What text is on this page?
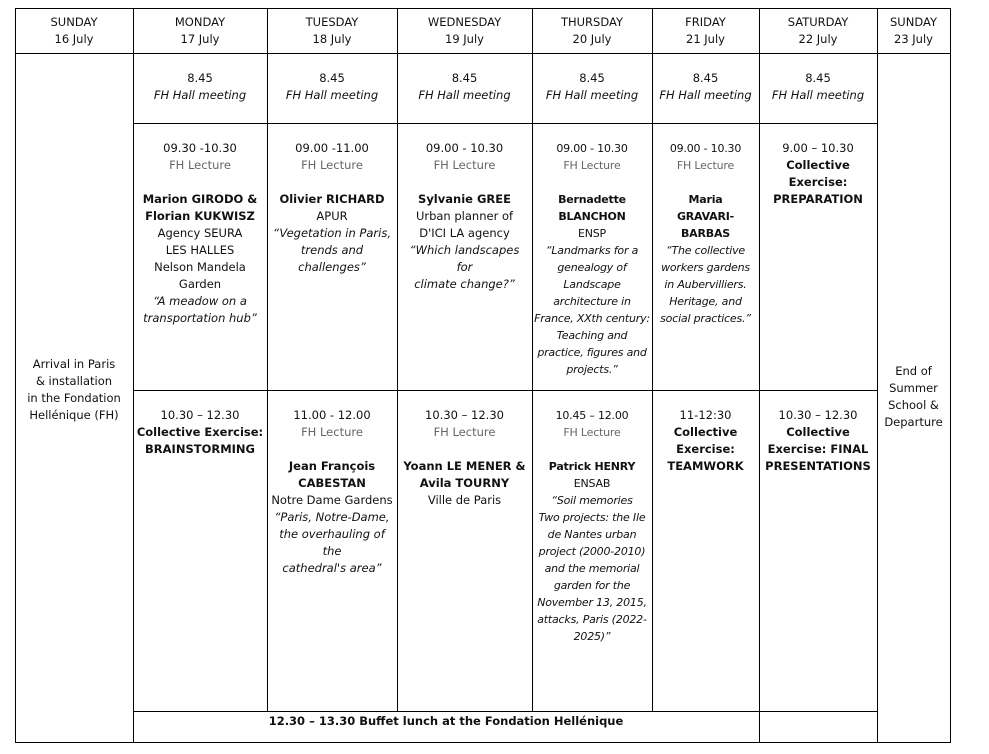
SUNDAY
16 July
MONDAY
17 July
TUESDAY
18 July
WEDNESDAY
19 July
THURSDAY
20 July
FRIDAY
21 July
SATURDAY
22 July
SUNDAY
23 July
Arrival in Paris
& installation
in the Fondation
Hellénique (FH)
End of
Summer
School &
Departure
8.45
FH Hall meeting
8.45
FH Hall meeting
8.45
FH Hall meeting
8.45
FH Hall meeting
8.45
FH Hall meeting
8.45
FH Hall meeting
09.30 -10.30
FH Lecture
Marion GIRODO &
Florian KUKWISZ
Agency SEURA
LES HALLES
Nelson Mandela
Garden
“A meadow on a
transportation hub”
09.00 -11.00
FH Lecture
Olivier RICHARD
APUR
“Vegetation in Paris,
trends and
challenges”
09.00 - 10.30
FH Lecture
Sylvanie GREE
Urban planner of
D'ICI LA agency
“Which landscapes for
climate change?”
09.00 - 10.30
FH Lecture
Bernadette
BLANCHON
ENSP
“Landmarks for a
genealogy of
Landscape
architecture in
France, XXth century:
Teaching and
practice, figures and
projects.”
09.00 - 10.30
FH Lecture
Maria
GRAVARI-
BARBAS
“The collective
workers gardens
in Aubervilliers.
Heritage, and
social practices.”
9.00 – 10.30
Collective
Exercise:
PREPARATION
10.30 – 12.30
Collective Exercise:
BRAINSTORMING
11.00 - 12.00
FH Lecture
Jean François
CABESTAN
Notre Dame Gardens
“Paris, Notre-Dame,
the overhauling of the
cathedral's area”
10.30 – 12.30
FH Lecture
Yoann LE MENER &
Avila TOURNY
Ville de Paris
10.45 – 12.00
FH Lecture
Patrick HENRY
ENSAB
“Soil memories
Two projects: the Ile
de Nantes urban
project (2000-2010)
and the memorial
garden for the
November 13, 2015,
attacks, Paris (2022-
2025)”
11-12:30
Collective
Exercise:
TEAMWORK
10.30 – 12.30
Collective
Exercise: FINAL
PRESENTATIONS
12.30 – 13.30 Buffet lunch at the Fondation Hellénique
